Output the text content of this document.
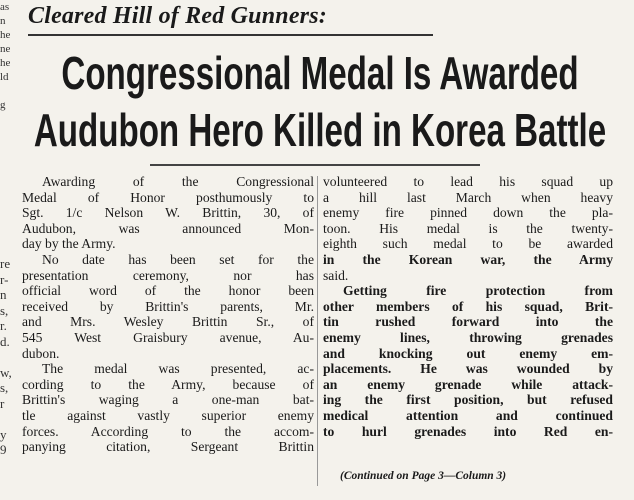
as
n
he
ne
he
ld

g
re
r-
n
s,
r.
d.

w,
s,
r

y
9
Cleared Hill of Red Gunners:
Congressional Medal Is Awarded
Audubon Hero Killed in Korea Battle
Awarding of the Congressional
Medal of Honor posthumously to
Sgt. 1/c Nelson W. Brittin, 30, of
Audubon, was announced Mon-
day by the Army.
No date has been set for the
presentation ceremony, nor has
official word of the honor been
received by Brittin's parents, Mr.
and Mrs. Wesley Brittin Sr., of
545 West Graisbury avenue, Au-
dubon.
The medal was presented, ac-
cording to the Army, because of
Brittin's waging a one-man bat-
tle against vastly superior enemy
forces. According to the accom-
panying citation, Sergeant Brittin
volunteered to lead his squad up
a hill last March when heavy
enemy fire pinned down the pla-
toon. His medal is the twenty-
eighth such medal to be awarded
in the Korean war, the Army
said.
Getting fire protection from
other members of his squad, Brit-
tin rushed forward into the
enemy lines, throwing grenades
and knocking out enemy em-
placements. He was wounded by
an enemy grenade while attack-
ing the first position, but refused
medical attention and continued
to hurl grenades into Red en-
(Continued on Page 3—Column 3)
